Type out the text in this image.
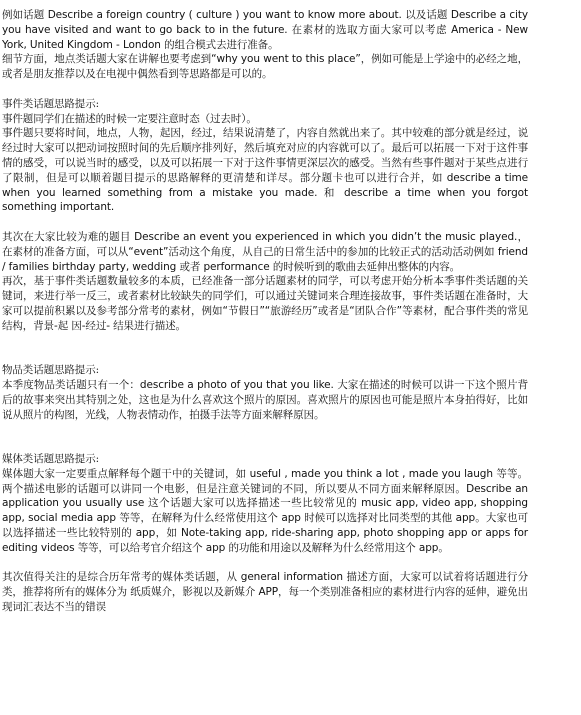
例如话题 Describe a foreign country ( culture ) you want to know more about. 以及话题 Describe a city you have visited and want to go back to in the future. 在素材的选取方面大家可以考虑 America - New York, United Kingdom - London 的组合模式去进行准备。

细节方面，地点类话题大家在讲解也要考虑到“why you went to this place”，例如可能是上学途中的必经之地，或者是朋友推荐以及在电视中偶然看到等思路都是可以的。

事件类话题思路提示:

事件题同学们在描述的时候一定要注意时态（过去时）。

事件题只要将时间，地点，人物，起因，经过，结果说清楚了，内容自然就出来了。其中较难的部分就是经过，说经过时大家可以把动词按照时间的先后顺序排列好，然后填充对应的内容就可以了。最后可以拓展一下对于这件事情的感受，可以说当时的感受，以及可以拓展一下对于这件事情更深层次的感受。当然有些事件题对于某些点进行了限制，但是可以顺着题目提示的思路解释的更清楚和详尽。部分题卡也可以进行合并，如 describe a time when you learned something from a mistake you made. 和 describe a time when you forgot something important.

其次在大家比较为难的题目 Describe an event you experienced in which you didn’t the music played.，在素材的准备方面，可以从“event”活动这个角度，从自己的日常生活中的参加的比较正式的活动活动例如 friend / families birthday party, wedding 或者 performance 的时候听到的歌曲去延伸出整体的内容。

再次，基于事件类话题数量较多的本质，已经准备一部分话题素材的同学，可以考虑开始分析本季事件类话题的关键词，来进行举一反三，或者素材比较缺失的同学们，可以通过关键词来合理连接故事，事件类话题在准备时，大家可以提前积累以及参考部分常考的素材，例如“节假日”“旅游经历”或者是“团队合作”等素材，配合事件类的常见结构，背景-起 因-经过- 结果进行描述。

物品类话题思路提示:

本季度物品类话题只有一个：describe a photo of you that you like. 大家在描述的时候可以讲一下这个照片背后的故事来突出其特别之处，这也是为什么喜欢这个照片的原因。喜欢照片的原因也可能是照片本身拍得好，比如说从照片的构图，光线，人物表情动作，拍摄手法等方面来解释原因。

媒体类话题思路提示:

媒体题大家一定要重点解释每个题干中的关键词，如 useful , made you think a lot , made you laugh 等等。两个描述电影的话题可以讲同一个电影，但是注意关键词的不同，所以要从不同方面来解释原因。Describe an application you usually use 这个话题大家可以选择描述一些比较常见的 music app, video app, shopping app, social media app 等等，在解释为什么经常使用这个 app 时候可以选择对比同类型的其他 app。大家也可以选择描述一些比较特别的 app，如 Note-taking app, ride-sharing app, photo shopping app or apps for editing videos 等等，可以给考官介绍这个 app 的功能和用途以及解释为什么经常用这个 app。

其次值得关注的是综合历年常考的媒体类话题，从 general information 描述方面，大家可以试着将话题进行分类，推荐将所有的媒体分为 纸质媒介，影视以及新媒介 APP，每一个类别准备相应的素材进行内容的延伸，避免出现词汇表达不当的错误
